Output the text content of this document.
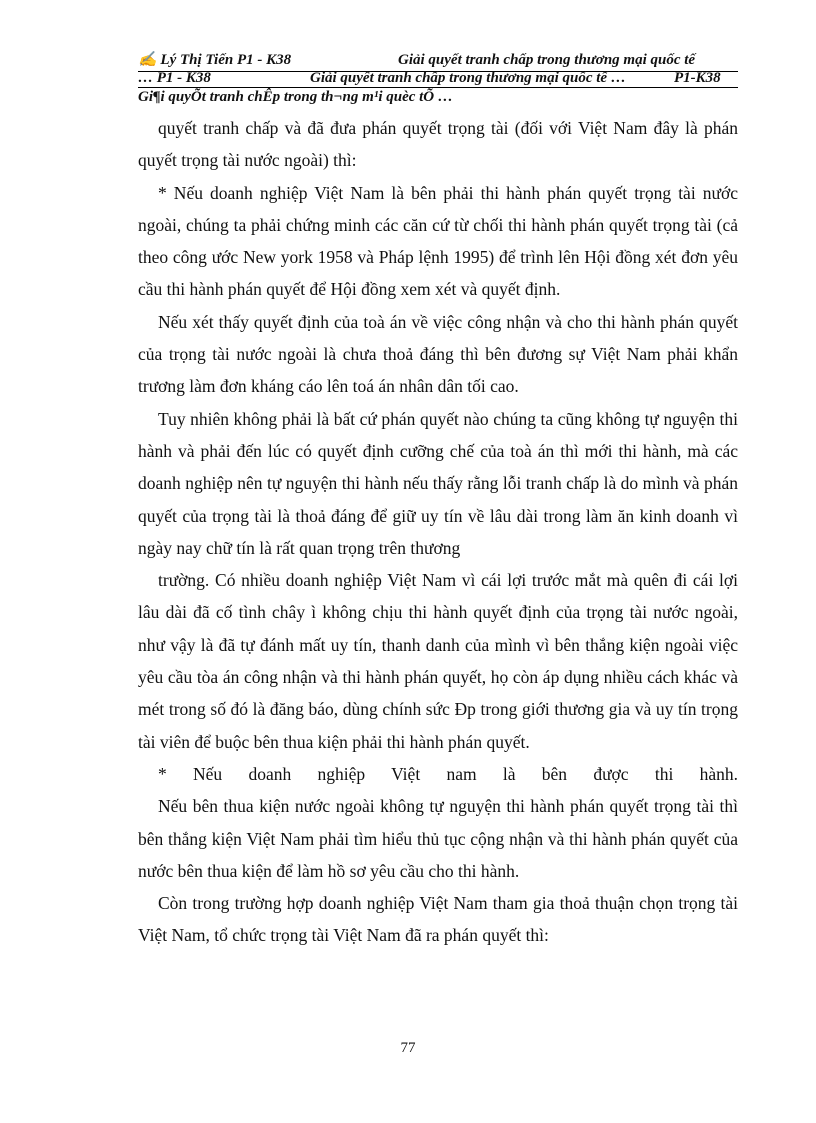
✍ Lý Thị Tiến P1 - K38	Giải quyết tranh chấp trong thương mại quốc tế
… P1 - K38	Giải quyết tranh chấp trong thương mại quốc tế …	P1-K38
Gi¶i quyÕt tranh chÊp trong th¬ng m¹i quèc tÕ …

quyết tranh chấp và đã đưa phán quyết trọng tài (đối với Việt Nam đây là phán quyết trọng tài nước ngoài) thì:

* Nếu doanh nghiệp Việt Nam là bên phải thi hành phán quyết trọng tài nước ngoài, chúng ta phải chứng minh các căn cứ từ chối thi hành phán quyết trọng tài (cả theo công ước New york 1958 và Pháp lệnh 1995) để trình lên Hội đồng xét đơn yêu cầu thi hành phán quyết để Hội đồng xem xét và quyết định.

Nếu xét thấy quyết định của toà án về việc công nhận và cho thi hành phán quyết của trọng tài nước ngoài là chưa thoả đáng thì bên đương sự Việt Nam phải khẩn trương làm đơn kháng cáo lên toá án nhân dân tối cao.

Tuy nhiên không phải là bất cứ phán quyết nào chúng ta cũng không tự nguyện thi hành và phải đến lúc có quyết định cưỡng chế của toà án thì mới thi hành, mà các doanh nghiệp nên tự nguyện thi hành nếu thấy rằng lỗi tranh chấp là do mình và phán quyết của trọng tài là thoả đáng để giữ uy tín về lâu dài trong làm ăn kinh doanh vì ngày nay chữ tín là rất quan trọng trên thương

trường. Có nhiều doanh nghiệp Việt Nam vì cái lợi trước mắt mà quên đi cái lợi lâu dài đã cố tình chây ì không chịu thi hành quyết định của trọng tài nước ngoài, như vậy là đã tự đánh mất uy tín, thanh danh của mình vì bên thắng kiện ngoài việc yêu cầu tòa án công nhận và thi hành phán quyết, họ còn áp dụng nhiều cách khác và mét trong số đó là đăng báo, dùng chính sức Đp trong giới thương gia và uy tín trọng tài viên để buộc bên thua kiện phải thi hành phán quyết.

* Nếu doanh nghiệp Việt nam là bên được thi hành.

Nếu bên thua kiện nước ngoài không tự nguyện thi hành phán quyết trọng tài thì bên thắng kiện Việt Nam phải tìm hiểu thủ tục cộng nhận và thi hành phán quyết của nước bên thua kiện để làm hồ sơ yêu cầu cho thi hành.

Còn trong trường hợp doanh nghiệp Việt Nam tham gia thoả thuận chọn trọng tài Việt Nam, tổ chức trọng tài Việt Nam đã ra phán quyết thì:

77
